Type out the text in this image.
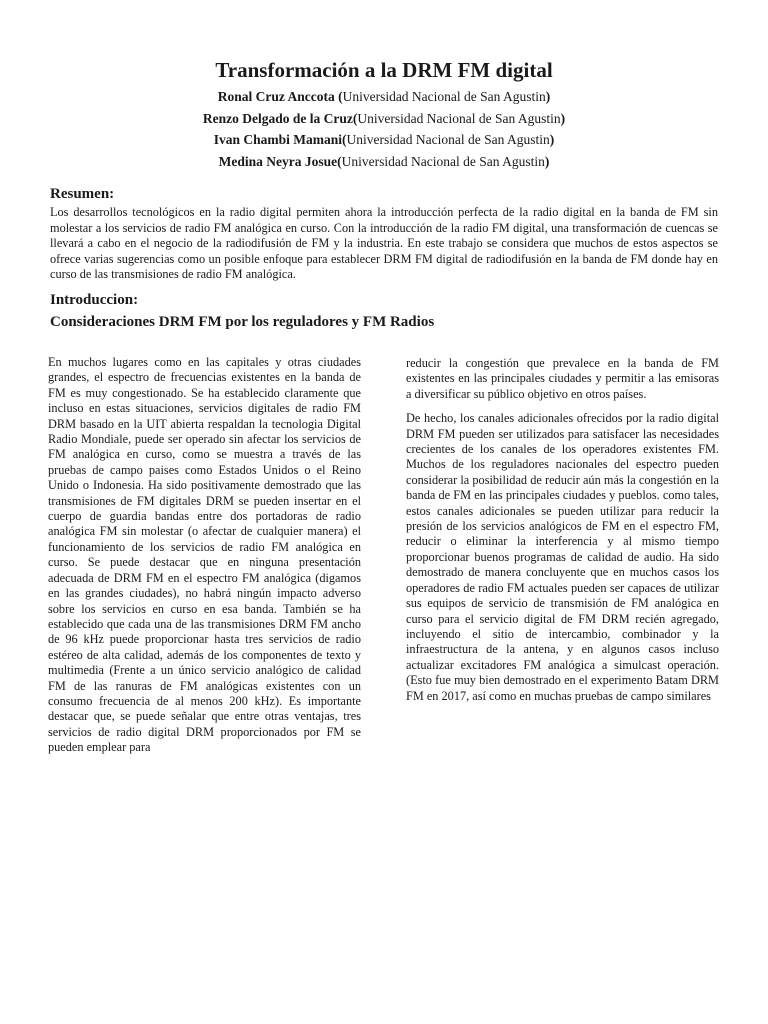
Transformación a la DRM FM digital
Ronal Cruz Anccota (Universidad Nacional de San Agustin)
Renzo Delgado de la Cruz(Universidad Nacional de San Agustin)
Ivan Chambi Mamani(Universidad Nacional de San Agustin)
Medina Neyra Josue(Universidad Nacional de San Agustin)
Resumen:

Los desarrollos tecnológicos en la radio digital permiten ahora la introducción perfecta de la radio digital en la banda de FM sin molestar a los servicios de radio FM analógica en curso. Con la introducción de la radio FM digital, una transformación de cuencas se llevará a cabo en el negocio de la radiodifusión de FM y la industria. En este trabajo se considera que muchos de estos aspectos se ofrece varias sugerencias como un posible enfoque para establecer DRM FM digital de radiodifusión en la banda de FM donde hay en curso de las transmisiones de radio FM analógica.

Introduccion:
Consideraciones DRM FM por los reguladores y FM Radios

En muchos lugares como en las capitales y otras ciudades grandes, el espectro de frecuencias existentes en la banda de FM es muy congestionado. Se ha establecido claramente que incluso en estas situaciones, servicios digitales de radio FM DRM basado en la UIT abierta respaldan la tecnologia Digital Radio Mondiale, puede ser operado sin afectar los servicios de FM analógica en curso, como se muestra a través de las pruebas de campo paises como Estados Unidos o el Reino Unido o Indonesia. Ha sido positivamente demostrado que las transmisiones de FM digitales DRM se pueden insertar en el cuerpo de guardia bandas entre dos portadoras de radio analógica FM sin molestar (o afectar de cualquier manera) el funcionamiento de los servicios de radio FM analógica en curso. Se puede destacar que en ninguna presentación adecuada de DRM FM en el espectro FM analógica (digamos en las grandes ciudades), no habrá ningún impacto adverso sobre los servicios en curso en esa banda. También se ha establecido que cada una de las transmisiones DRM FM ancho de 96 kHz puede proporcionar hasta tres servicios de radio estéreo de alta calidad, además de los componentes de texto y multimedia (Frente a un único servicio analógico de calidad FM de las ranuras de FM analógicas existentes con un consumo frecuencia de al menos 200 kHz). Es importante destacar que, se puede señalar que entre otras ventajas, tres servicios de radio digital DRM proporcionados por FM se pueden emplear para

reducir la congestión que prevalece en la banda de FM existentes en las principales ciudades y permitir a las emisoras a diversificar su público objetivo en otros países.

De hecho, los canales adicionales ofrecidos por la radio digital DRM FM pueden ser utilizados para satisfacer las necesidades crecientes de los canales de los operadores existentes FM. Muchos de los reguladores nacionales del espectro pueden considerar la posibilidad de reducir aún más la congestión en la banda de FM en las principales ciudades y pueblos. como tales, estos canales adicionales se pueden utilizar para reducir la presión de los servicios analógicos de FM en el espectro FM, reducir o eliminar la interferencia y al mismo tiempo proporcionar buenos programas de calidad de audio. Ha sido demostrado de manera concluyente que en muchos casos los operadores de radio FM actuales pueden ser capaces de utilizar sus equipos de servicio de transmisión de FM analógica en curso para el servicio digital de FM DRM recién agregado, incluyendo el sitio de intercambio, combinador y la infraestructura de la antena, y en algunos casos incluso actualizar excitadores FM analógica a simulcast operación. (Esto fue muy bien demostrado en el experimento Batam DRM FM en 2017, así como en muchas pruebas de campo similares
